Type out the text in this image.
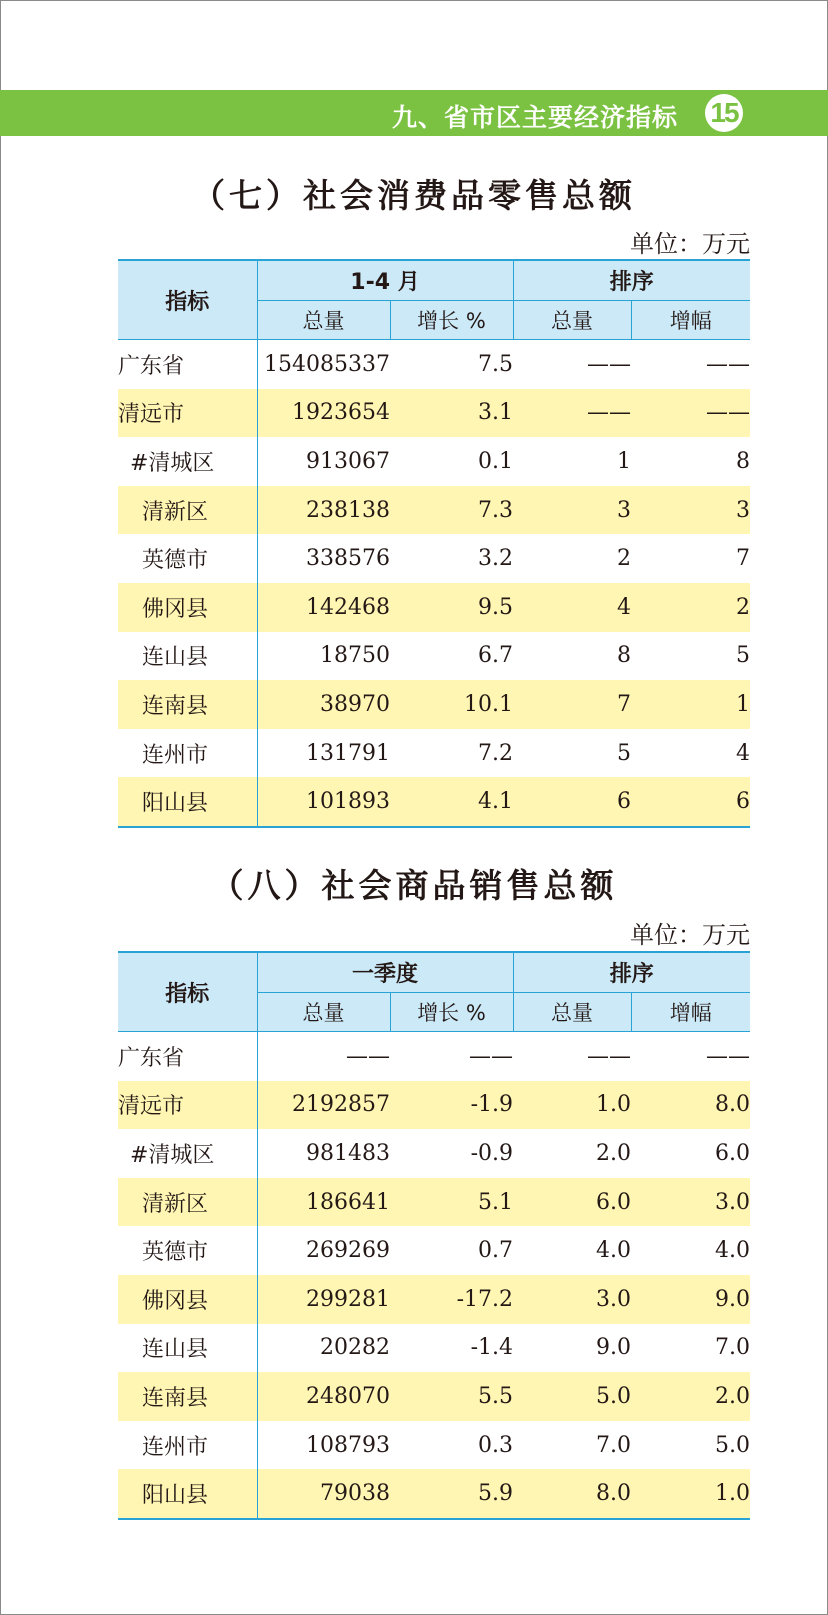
九、省市区主要经济指标 15
（七）社会消费品零售总额
单位：万元
指标	1-4 月		排序	
	总量	增长 %	总量	增幅
广东省	154085337	7.5	——	——
清远市	1923654	3.1	——	——
#清城区	913067	0.1	1	8
清新区	238138	7.3	3	3
英德市	338576	3.2	2	7
佛冈县	142468	9.5	4	2
连山县	18750	6.7	8	5
连南县	38970	10.1	7	1
连州市	131791	7.2	5	4
阳山县	101893	4.1	6	6
（八）社会商品销售总额
单位：万元
指标	一季度		排序	
	总量	增长 %	总量	增幅
广东省	——	——	——	——
清远市	2192857	-1.9	1.0	8.0
#清城区	981483	-0.9	2.0	6.0
清新区	186641	5.1	6.0	3.0
英德市	269269	0.7	4.0	4.0
佛冈县	299281	-17.2	3.0	9.0
连山县	20282	-1.4	9.0	7.0
连南县	248070	5.5	5.0	2.0
连州市	108793	0.3	7.0	5.0
阳山县	79038	5.9	8.0	1.0
